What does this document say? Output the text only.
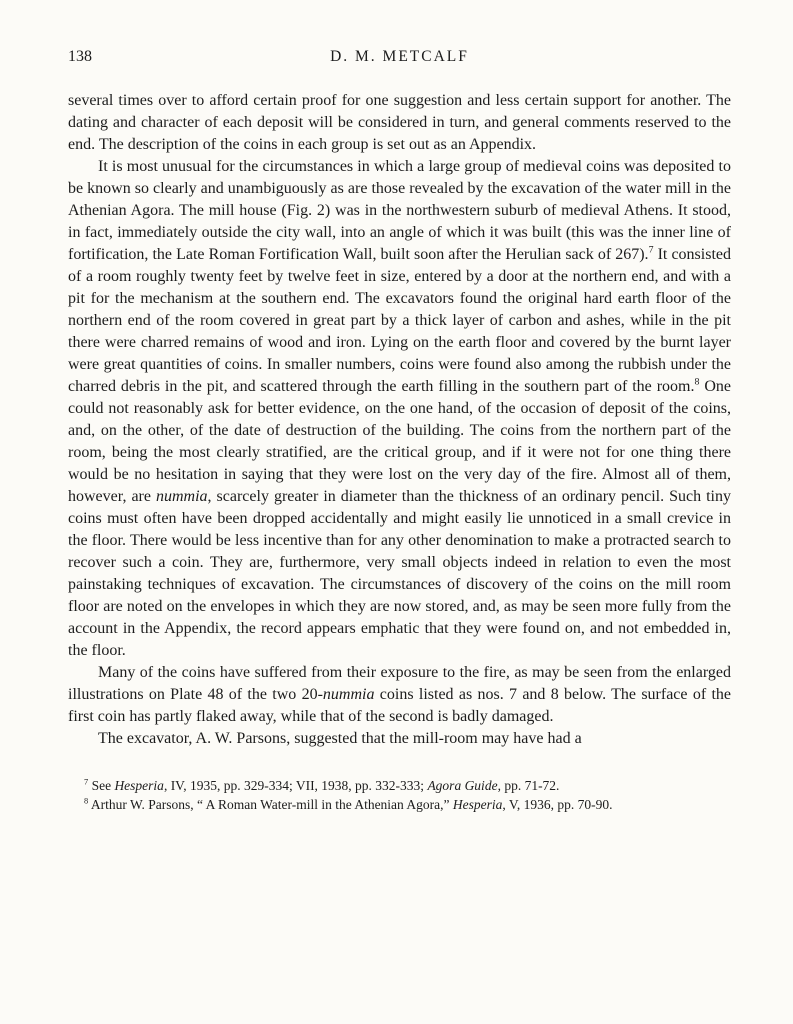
138	D. M. METCALF

several times over to afford certain proof for one suggestion and less certain support for another. The dating and character of each deposit will be considered in turn, and general comments reserved to the end. The description of the coins in each group is set out as an Appendix.

It is most unusual for the circumstances in which a large group of medieval coins was deposited to be known so clearly and unambiguously as are those revealed by the excavation of the water mill in the Athenian Agora. The mill house (Fig. 2) was in the northwestern suburb of medieval Athens. It stood, in fact, immediately outside the city wall, into an angle of which it was built (this was the inner line of fortification, the Late Roman Fortification Wall, built soon after the Herulian sack of 267).$^7$ It consisted of a room roughly twenty feet by twelve feet in size, entered by a door at the northern end, and with a pit for the mechanism at the southern end. The excavators found the original hard earth floor of the northern end of the room covered in great part by a thick layer of carbon and ashes, while in the pit there were charred remains of wood and iron. Lying on the earth floor and covered by the burnt layer were great quantities of coins. In smaller numbers, coins were found also among the rubbish under the charred debris in the pit, and scattered through the earth filling in the southern part of the room.$^8$ One could not reasonably ask for better evidence, on the one hand, of the occasion of deposit of the coins, and, on the other, of the date of destruction of the building. The coins from the northern part of the room, being the most clearly stratified, are the critical group, and if it were not for one thing there would be no hesitation in saying that they were lost on the very day of the fire. Almost all of them, however, are nummia, scarcely greater in diameter than the thickness of an ordinary pencil. Such tiny coins must often have been dropped accidentally and might easily lie unnoticed in a small crevice in the floor. There would be less incentive than for any other denomination to make a protracted search to recover such a coin. They are, furthermore, very small objects indeed in relation to even the most painstaking techniques of excavation. The circumstances of discovery of the coins on the mill room floor are noted on the envelopes in which they are now stored, and, as may be seen more fully from the account in the Appendix, the record appears emphatic that they were found on, and not embedded in, the floor.

Many of the coins have suffered from their exposure to the fire, as may be seen from the enlarged illustrations on Plate 48 of the two 20-nummia coins listed as nos. 7 and 8 below. The surface of the first coin has partly flaked away, while that of the second is badly damaged.

The excavator, A. W. Parsons, suggested that the mill-room may have had a

$^7$ See Hesperia, IV, 1935, pp. 329-334; VII, 1938, pp. 332-333; Agora Guide, pp. 71-72.

$^8$ Arthur W. Parsons, “ A Roman Water-mill in the Athenian Agora,” Hesperia, V, 1936, pp. 70-90.
